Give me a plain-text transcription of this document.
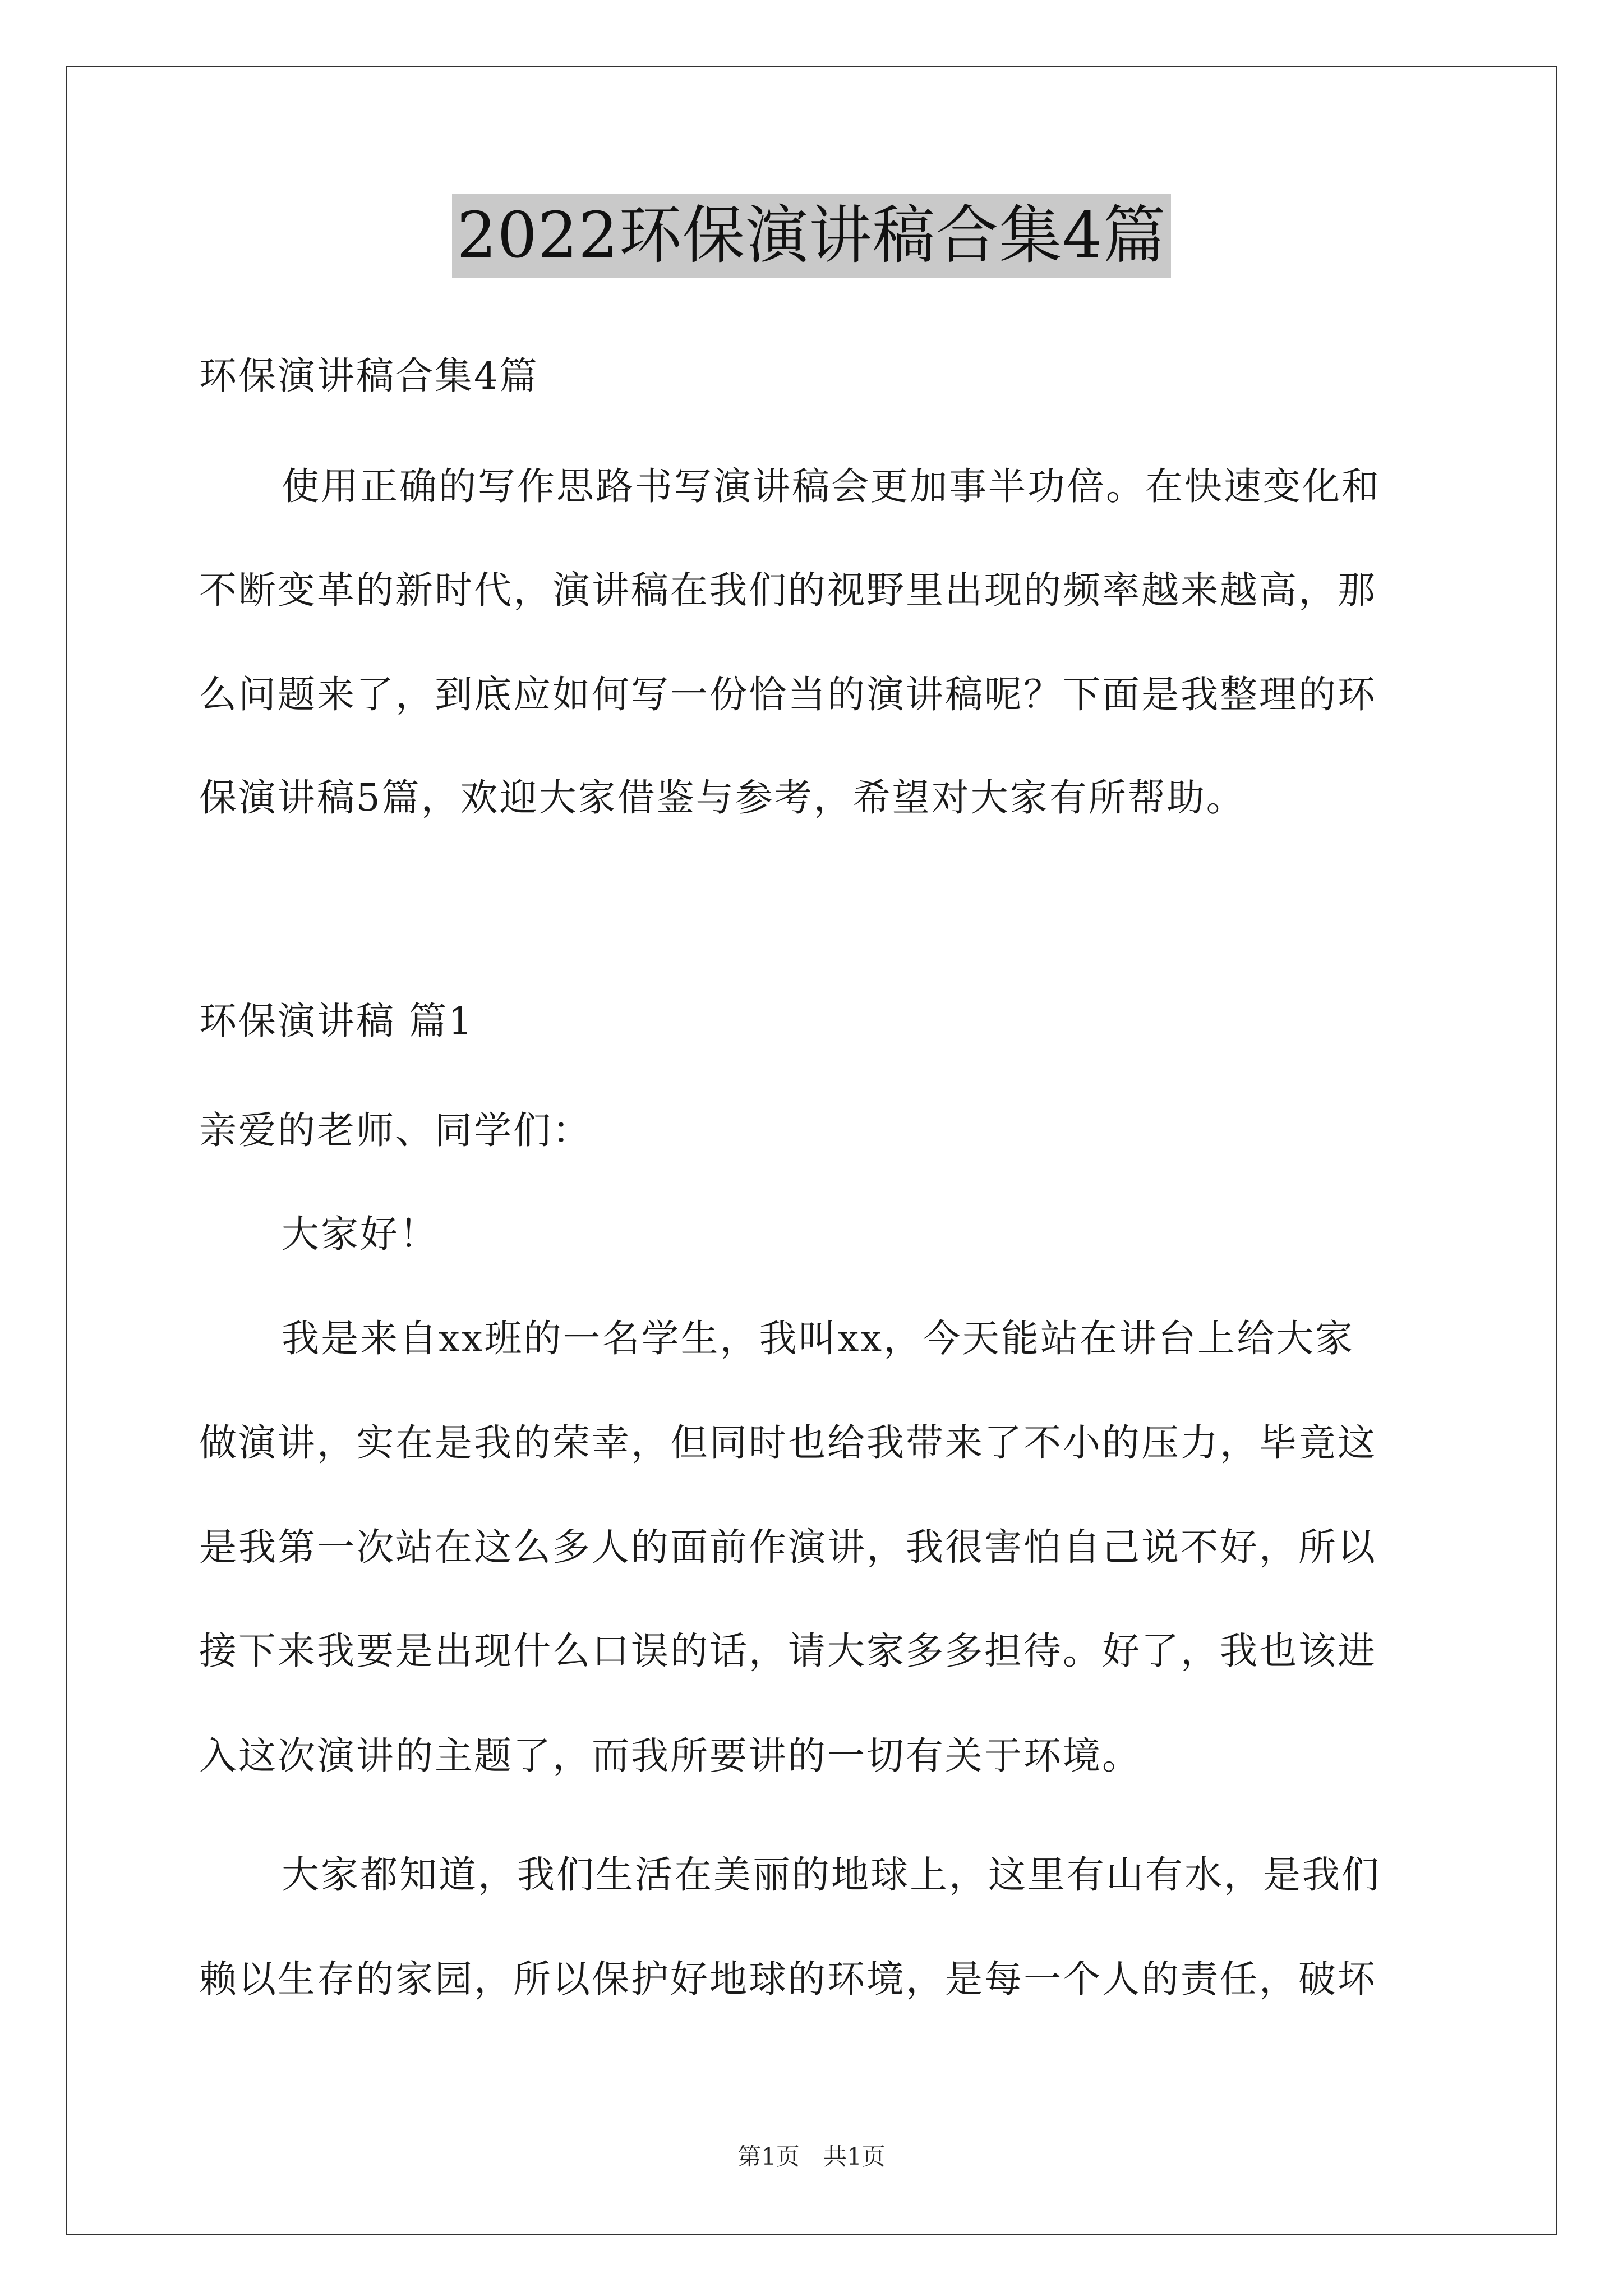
2022环保演讲稿合集4篇
环保演讲稿合集4篇
使用正确的写作思路书写演讲稿会更加事半功倍。在快速变化和
不断变革的新时代，演讲稿在我们的视野里出现的频率越来越高，那
么问题来了，到底应如何写一份恰当的演讲稿呢？下面是我整理的环
保演讲稿5篇，欢迎大家借鉴与参考，希望对大家有所帮助。
环保演讲稿 篇1
亲爱的老师、同学们：
大家好！
我是来自xx班的一名学生，我叫xx，今天能站在讲台上给大家
做演讲，实在是我的荣幸，但同时也给我带来了不小的压力，毕竟这
是我第一次站在这么多人的面前作演讲，我很害怕自己说不好，所以
接下来我要是出现什么口误的话，请大家多多担待。好了，我也该进
入这次演讲的主题了，而我所要讲的一切有关于环境。
大家都知道，我们生活在美丽的地球上，这里有山有水，是我们
赖以生存的家园，所以保护好地球的环境，是每一个人的责任，破坏
第1页 共1页
